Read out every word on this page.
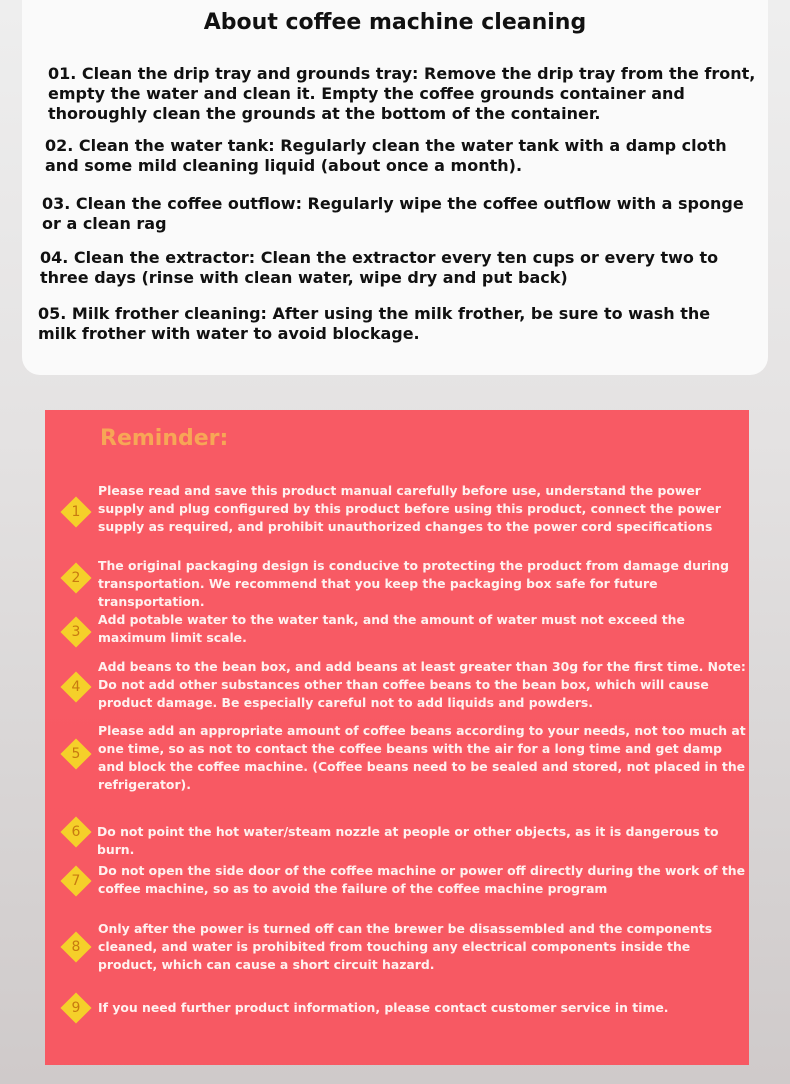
About coffee machine cleaning
01. Clean the drip tray and grounds tray: Remove the drip tray from the front, empty the water and clean it. Empty the coffee grounds container and thoroughly clean the grounds at the bottom of the container.
02. Clean the water tank: Regularly clean the water tank with a damp cloth and some mild cleaning liquid (about once a month).
03. Clean the coffee outflow: Regularly wipe the coffee outflow with a sponge or a clean rag
04. Clean the extractor: Clean the extractor every ten cups or every two to three days (rinse with clean water, wipe dry and put back)
05. Milk frother cleaning: After using the milk frother, be sure to wash the milk frother with water to avoid blockage.
Reminder:
1
Please read and save this product manual carefully before use, understand the power supply and plug configured by this product before using this product, connect the power supply as required, and prohibit unauthorized changes to the power cord specifications
2
The original packaging design is conducive to protecting the product from damage during transportation. We recommend that you keep the packaging box safe for future transportation.
3
Add potable water to the water tank, and the amount of water must not exceed the maximum limit scale.
4
Add beans to the bean box, and add beans at least greater than 30g for the first time. Note: Do not add other substances other than coffee beans to the bean box, which will cause product damage. Be especially careful not to add liquids and powders.
5
Please add an appropriate amount of coffee beans according to your needs, not too much at one time, so as not to contact the coffee beans with the air for a long time and get damp and block the coffee machine. (Coffee beans need to be sealed and stored, not placed in the refrigerator).
6	Do not point the hot water/steam nozzle at people or other objects, as it is dangerous to burn.
7
Do not open the side door of the coffee machine or power off directly during the work of the coffee machine, so as to avoid the failure of the coffee machine program
8
Only after the power is turned off can the brewer be disassembled and the components cleaned, and water is prohibited from touching any electrical components inside the product, which can cause a short circuit hazard.
9	If you need further product information, please contact customer service in time.
